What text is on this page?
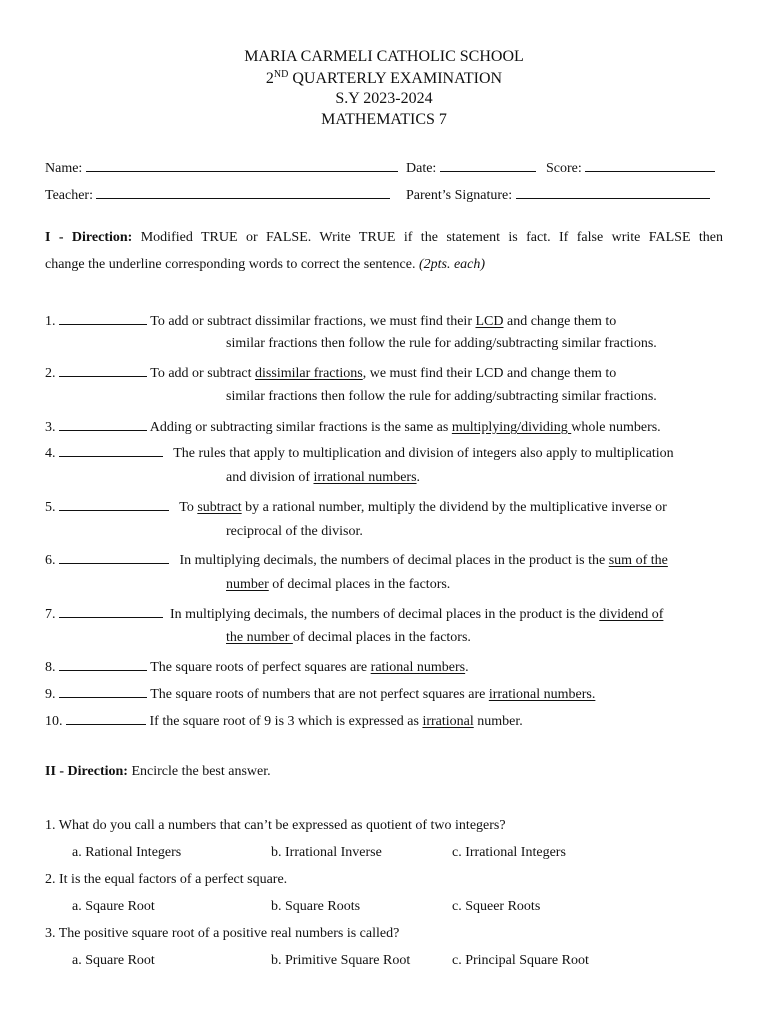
MARIA CARMELI CATHOLIC SCHOOL
2ND QUARTERLY EXAMINATION
S.Y 2023-2024
MATHEMATICS 7
Name:	Date:	Score:
Teacher:	Parent’s Signature:
I - Direction: Modified TRUE or FALSE. Write TRUE if the statement is fact. If false write FALSE then
change the underline corresponding words to correct the sentence. (2pts. each)
1.	To add or subtract dissimilar fractions, we must find their LCD and change them to
similar fractions then follow the rule for adding/subtracting similar fractions.
2.	To add or subtract dissimilar fractions, we must find their LCD and change them to
similar fractions then follow the rule for adding/subtracting similar fractions.
3.	Adding or subtracting similar fractions is the same as multiplying/dividing whole numbers.
4.	The rules that apply to multiplication and division of integers also apply to multiplication
and division of irrational numbers.
5.	To subtract by a rational number, multiply the dividend by the multiplicative inverse or
reciprocal of the divisor.
6.	In multiplying decimals, the numbers of decimal places in the product is the sum of the
number of decimal places in the factors.
7.	In multiplying decimals, the numbers of decimal places in the product is the dividend of
the number of decimal places in the factors.
8.	The square roots of perfect squares are rational numbers.
9.	The square roots of numbers that are not perfect squares are irrational numbers.
10.	If the square root of 9 is 3 which is expressed as irrational number.
II - Direction: Encircle the best answer.
1. What do you call a numbers that can’t be expressed as quotient of two integers?
a. Rational Integers	b. Irrational Inverse	c. Irrational Integers
2. It is the equal factors of a perfect square.
a. Sqaure Root	b. Square Roots	c. Squeer Roots
3. The positive square root of a positive real numbers is called?
a. Square Root	b. Primitive Square Root	c. Principal Square Root
